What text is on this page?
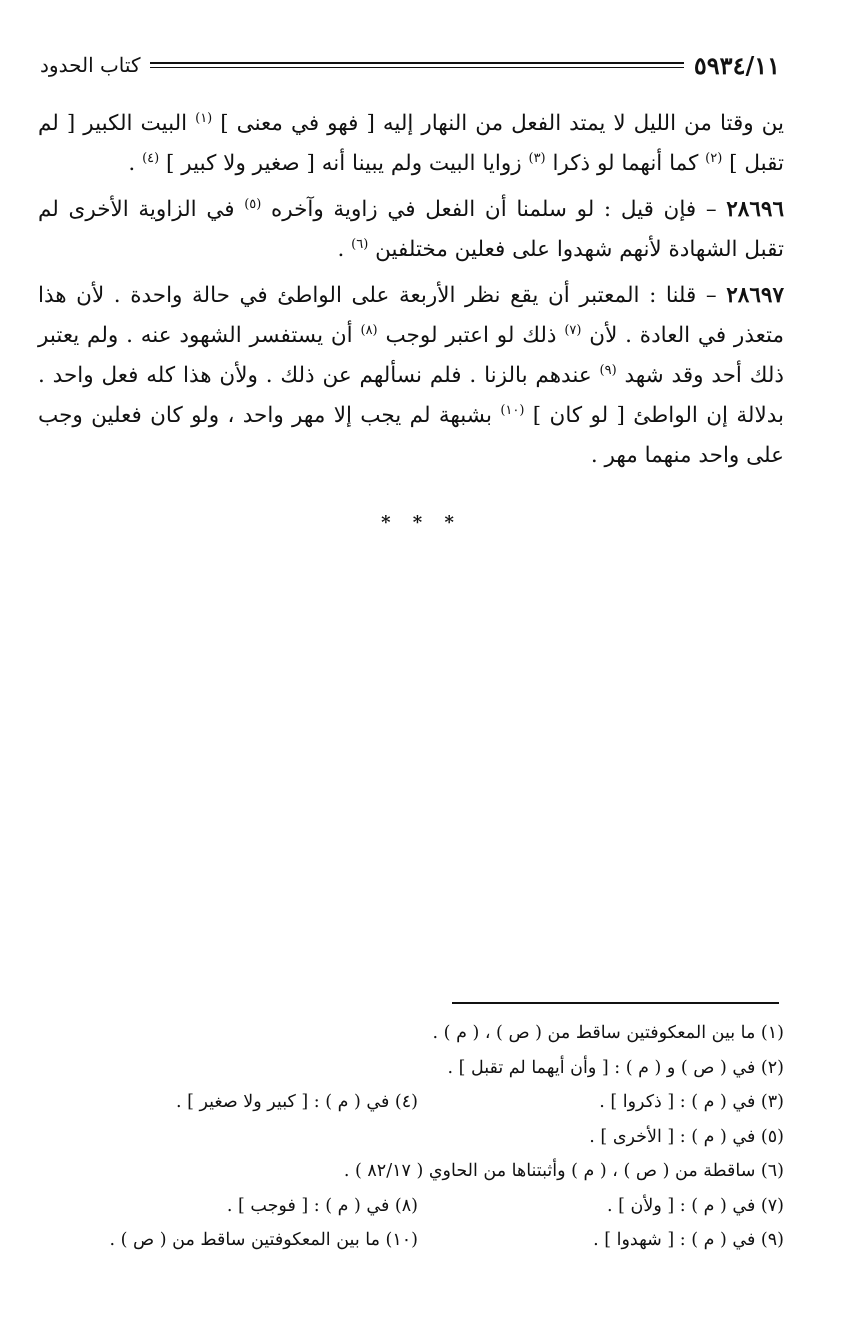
٥٩٣٤/١١
كتاب الحدود

ين وقتا من الليل لا يمتد الفعل من النهار إليه [ فهو في معنى ] $^{(١)}$ البيت الكبير [ لم تقبل ] $^{(٢)}$ كما أنهما لو ذكرا $^{(٣)}$ زوايا البيت ولم يبينا أنه [ صغير ولا كبير ] $^{(٤)}$ .

٢٨٦٩٦ – فإن قيل : لو سلمنا أن الفعل في زاوية وآخره $^{(٥)}$ في الزاوية الأخرى لم تقبل الشهادة لأنهم شهدوا على فعلين مختلفين $^{(٦)}$ .

٢٨٦٩٧ – قلنا : المعتبر أن يقع نظر الأربعة على الواطئ في حالة واحدة . لأن هذا متعذر في العادة . لأن $^{(٧)}$ ذلك لو اعتبر لوجب $^{(٨)}$ أن يستفسر الشهود عنه . ولم يعتبر ذلك أحد وقد شهد $^{(٩)}$ عندهم بالزنا . فلم نسألهم عن ذلك . ولأن هذا كله فعل واحد . بدلالة إن الواطئ [ لو كان ] $^{(١٠)}$ بشبهة لم يجب إلا مهر واحد ، ولو كان فعلين وجب على واحد منهما مهر .

* * *
(١) ما بين المعكوفتين ساقط من ( ص ) ، ( م ) .
(٢) في ( ص ) و ( م ) : [ وأن أيهما لم تقبل ] .
(٣) في ( م ) : [ ذكروا ] .
(٤) في ( م ) : [ كبير ولا صغير ] .
(٥) في ( م ) : [ الأخرى ] .
(٦) ساقطة من ( ص ) ، ( م ) وأثبتناها من الحاوي ( ٨٢/١٧ ) .
(٧) في ( م ) : [ ولأن ] .
(٨) في ( م ) : [ فوجب ] .
(٩) في ( م ) : [ شهدوا ] .
(١٠) ما بين المعكوفتين ساقط من ( ص ) .
